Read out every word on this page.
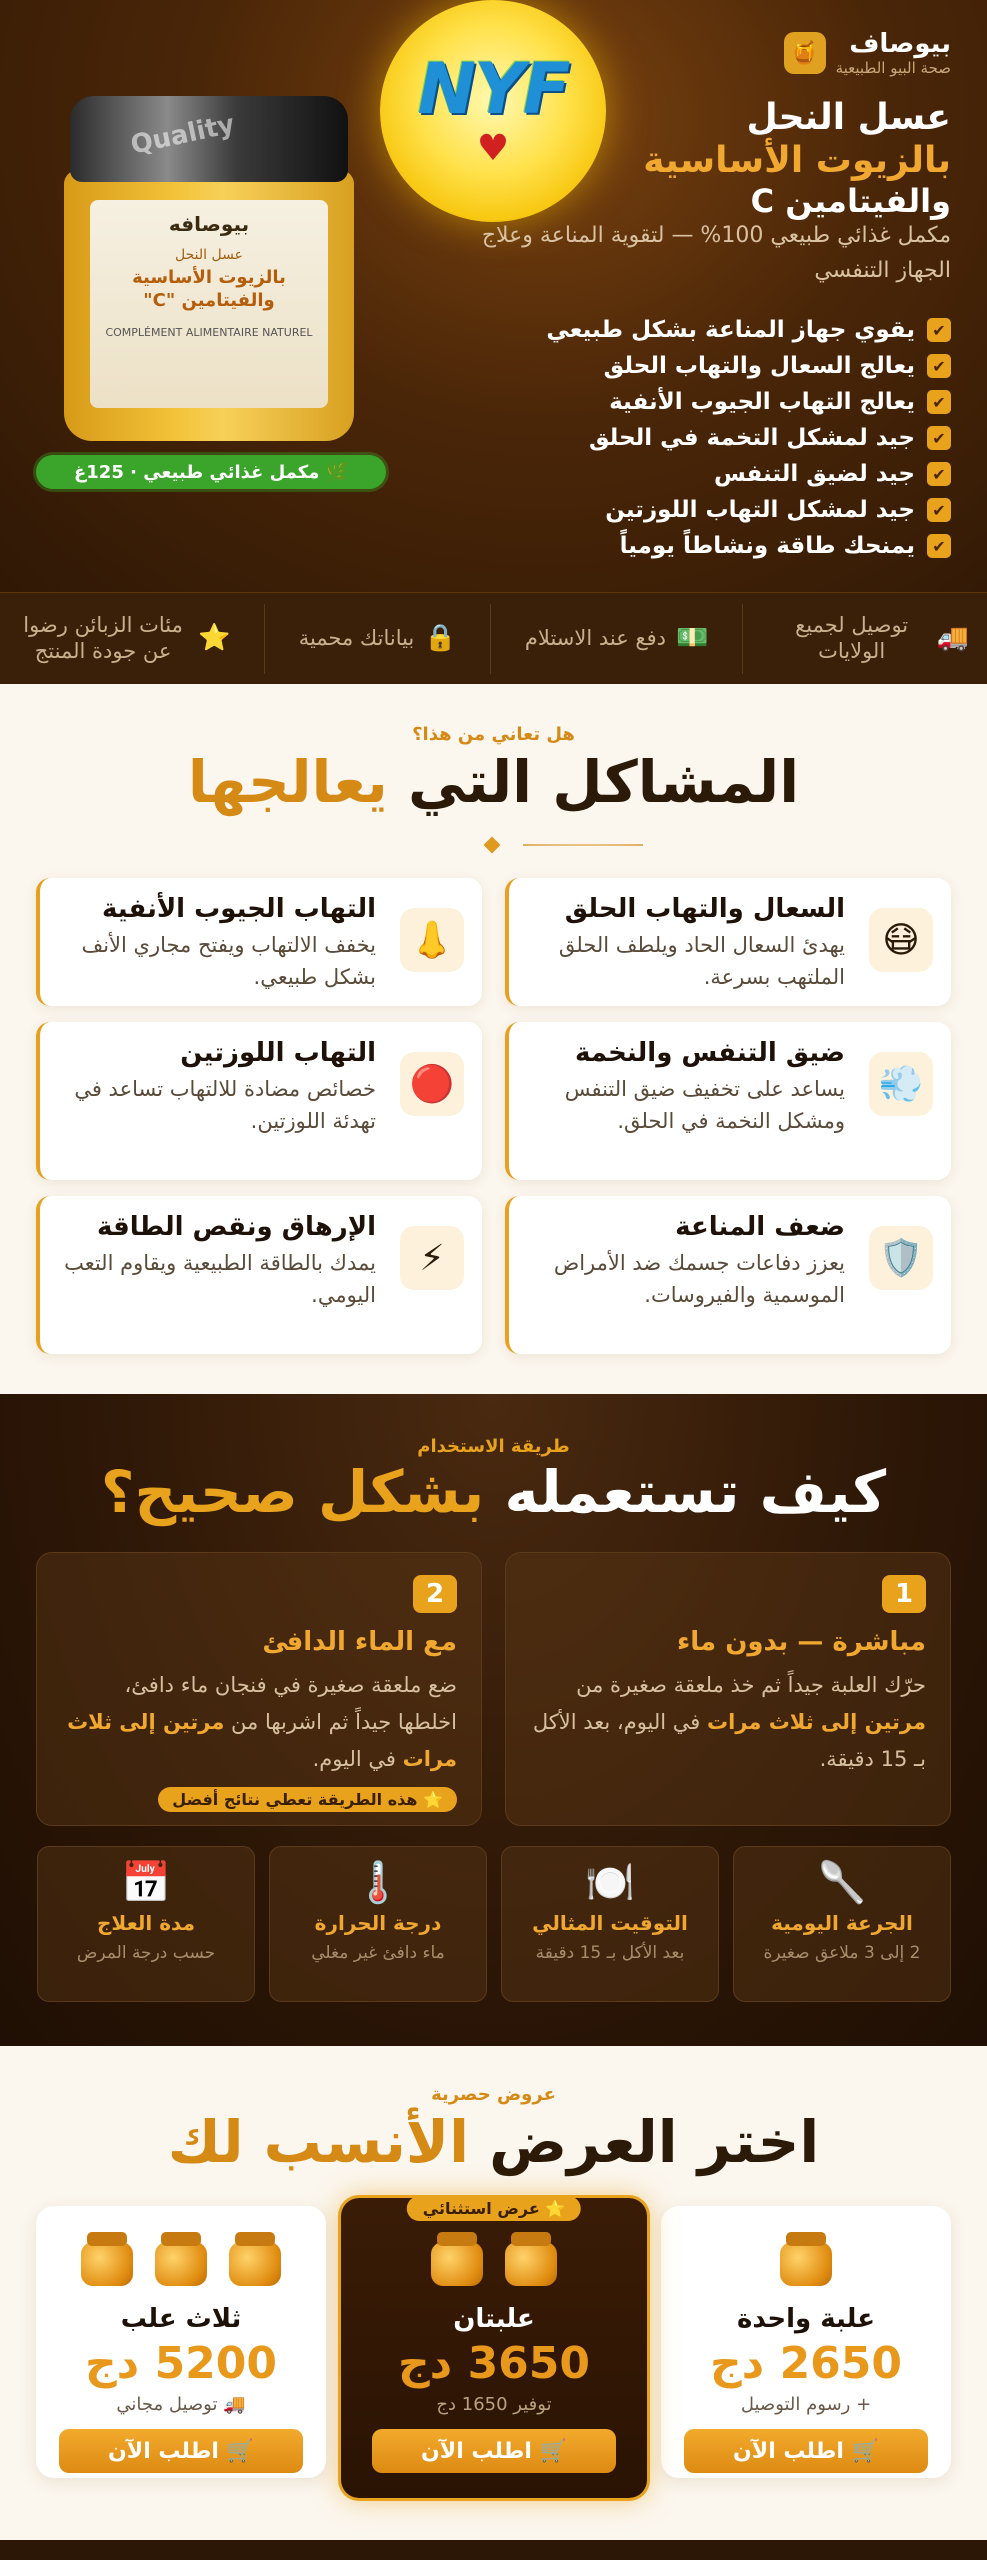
بيوصاف
صحة البيو الطبيعية
🍯
NYF
♥
Quality
بيوصافه
عسل النحل
بالزيوت الأساسية
والفيتامين "C"
COMPLÉMENT ALIMENTAIRE NATUREL
🌿 مكمل غذائي طبيعي · 125غ
عسل النحل
بالزيوت الأساسية
والفيتامين C

مكمل غذائي طبيعي 100% — لتقوية المناعة وعلاج الجهاز التنفسي

✔
يقوي جهاز المناعة بشكل طبيعي
✔
يعالج السعال والتهاب الحلق
✔
يعالج التهاب الجيوب الأنفية
✔
جيد لمشكل التخمة في الحلق
✔
جيد لضيق التنفس
✔
جيد لمشكل التهاب اللوزتين
✔
يمنحك طاقة ونشاطاً يومياً
🚚
توصيل لجميع الولايات
💵
دفع عند الاستلام
🔒
بياناتك محمية
⭐
مئات الزبائن رضوا عن جودة المنتج
هل تعاني من هذا؟
المشاكل التي يعالجها
😷
السعال والتهاب الحلق
يهدئ السعال الحاد ويلطف الحلق الملتهب بسرعة.
👃
التهاب الجيوب الأنفية
يخفف الالتهاب ويفتح مجاري الأنف بشكل طبيعي.
💨
ضيق التنفس والنخمة
يساعد على تخفيف ضيق التنفس ومشكل النخمة في الحلق.
🔴
التهاب اللوزتين
خصائص مضادة للالتهاب تساعد في تهدئة اللوزتين.
🛡️
ضعف المناعة
يعزز دفاعات جسمك ضد الأمراض الموسمية والفيروسات.
⚡
الإرهاق ونقص الطاقة
يمدك بالطاقة الطبيعية ويقاوم التعب اليومي.
طريقة الاستخدام
كيف تستعمله بشكل صحيح؟
1
مباشرة — بدون ماء
حرّك العلبة جيداً ثم خذ ملعقة صغيرة من مرتين إلى ثلاث مرات في اليوم، بعد الأكل بـ 15 دقيقة.
2
مع الماء الدافئ
ضع ملعقة صغيرة في فنجان ماء دافئ، اخلطها جيداً ثم اشربها من مرتين إلى ثلاث مرات في اليوم.
⭐ هذه الطريقة تعطي نتائج أفضل
🥄
الجرعة اليومية
2 إلى 3 ملاعق صغيرة
🍽️
التوقيت المثالي
بعد الأكل بـ 15 دقيقة
🌡️
درجة الحرارة
ماء دافئ غير مغلي
📅
مدة العلاج
حسب درجة المرض
عروض حصرية
اختر العرض الأنسب لك
علبة واحدة
2650 دج
+ رسوم التوصيل
🛒 اطلب الآن
⭐ عرض استثنائي
علبتان
3650 دج
توفير 1650 دج
🛒 اطلب الآن
ثلاث علب
5200 دج
🚚 توصيل مجاني
🛒 اطلب الآن
